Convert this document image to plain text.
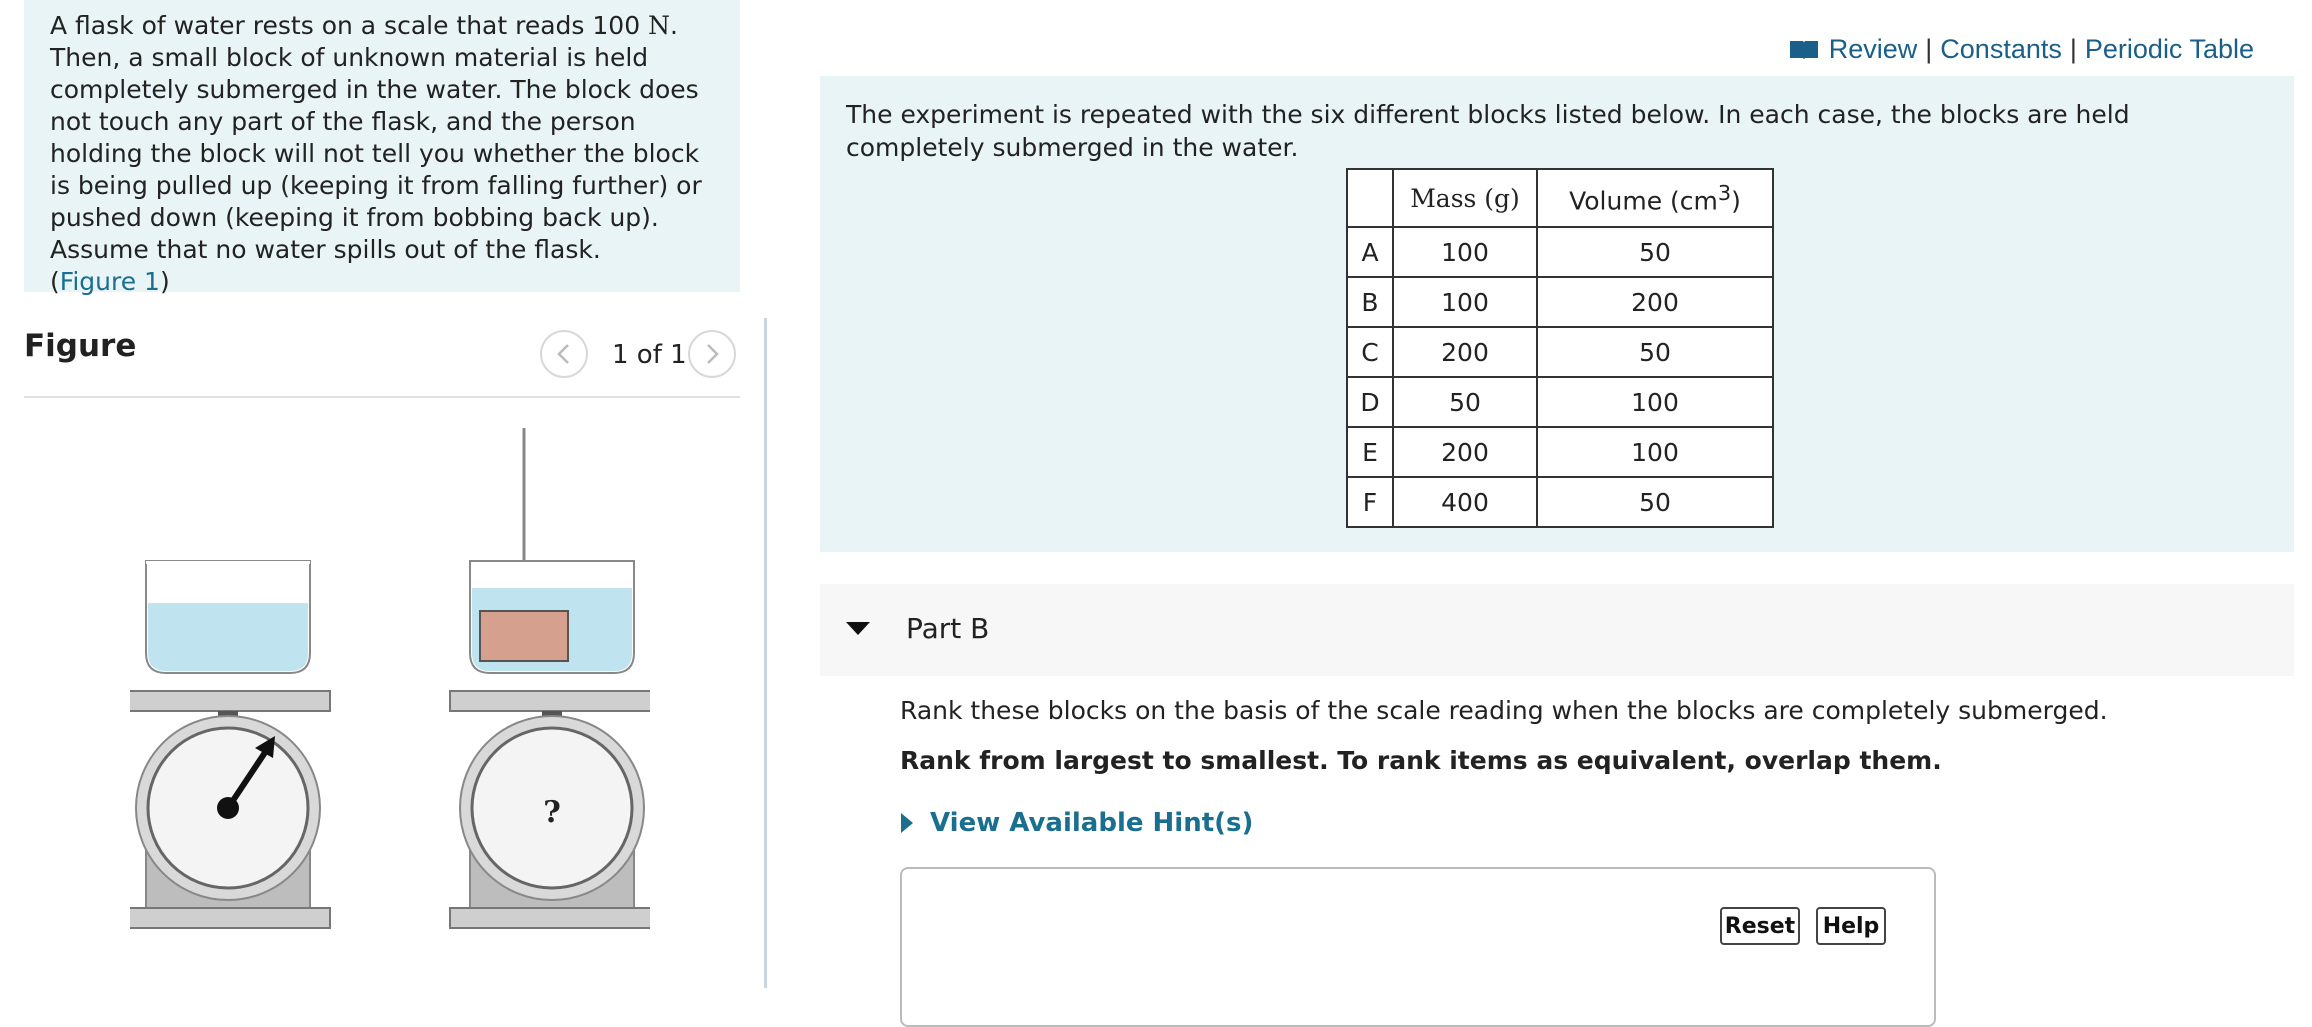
A flask of water rests on a scale that reads 100 N. Then, a small block of unknown material is held completely submerged in the water. The block does not touch any part of the flask, and the person holding the block will not tell you whether the block is being pulled up (keeping it from falling further) or pushed down (keeping it from bobbing back up). Assume that no water spills out of the flask.
(Figure 1)
Figure	1 of 1
?
Review | Constants | Periodic Table
The experiment is repeated with the six different blocks listed below. In each case, the blocks are held completely submerged in the water.
	Mass (g)	Volume $(cm^3)$
A	100	50
B	100	200
C	200	50
D	50	100
E	200	100
F	400	50
Part B
Rank these blocks on the basis of the scale reading when the blocks are completely submerged.
Rank from largest to smallest. To rank items as equivalent, overlap them.
View Available Hint(s)
Reset	Help
